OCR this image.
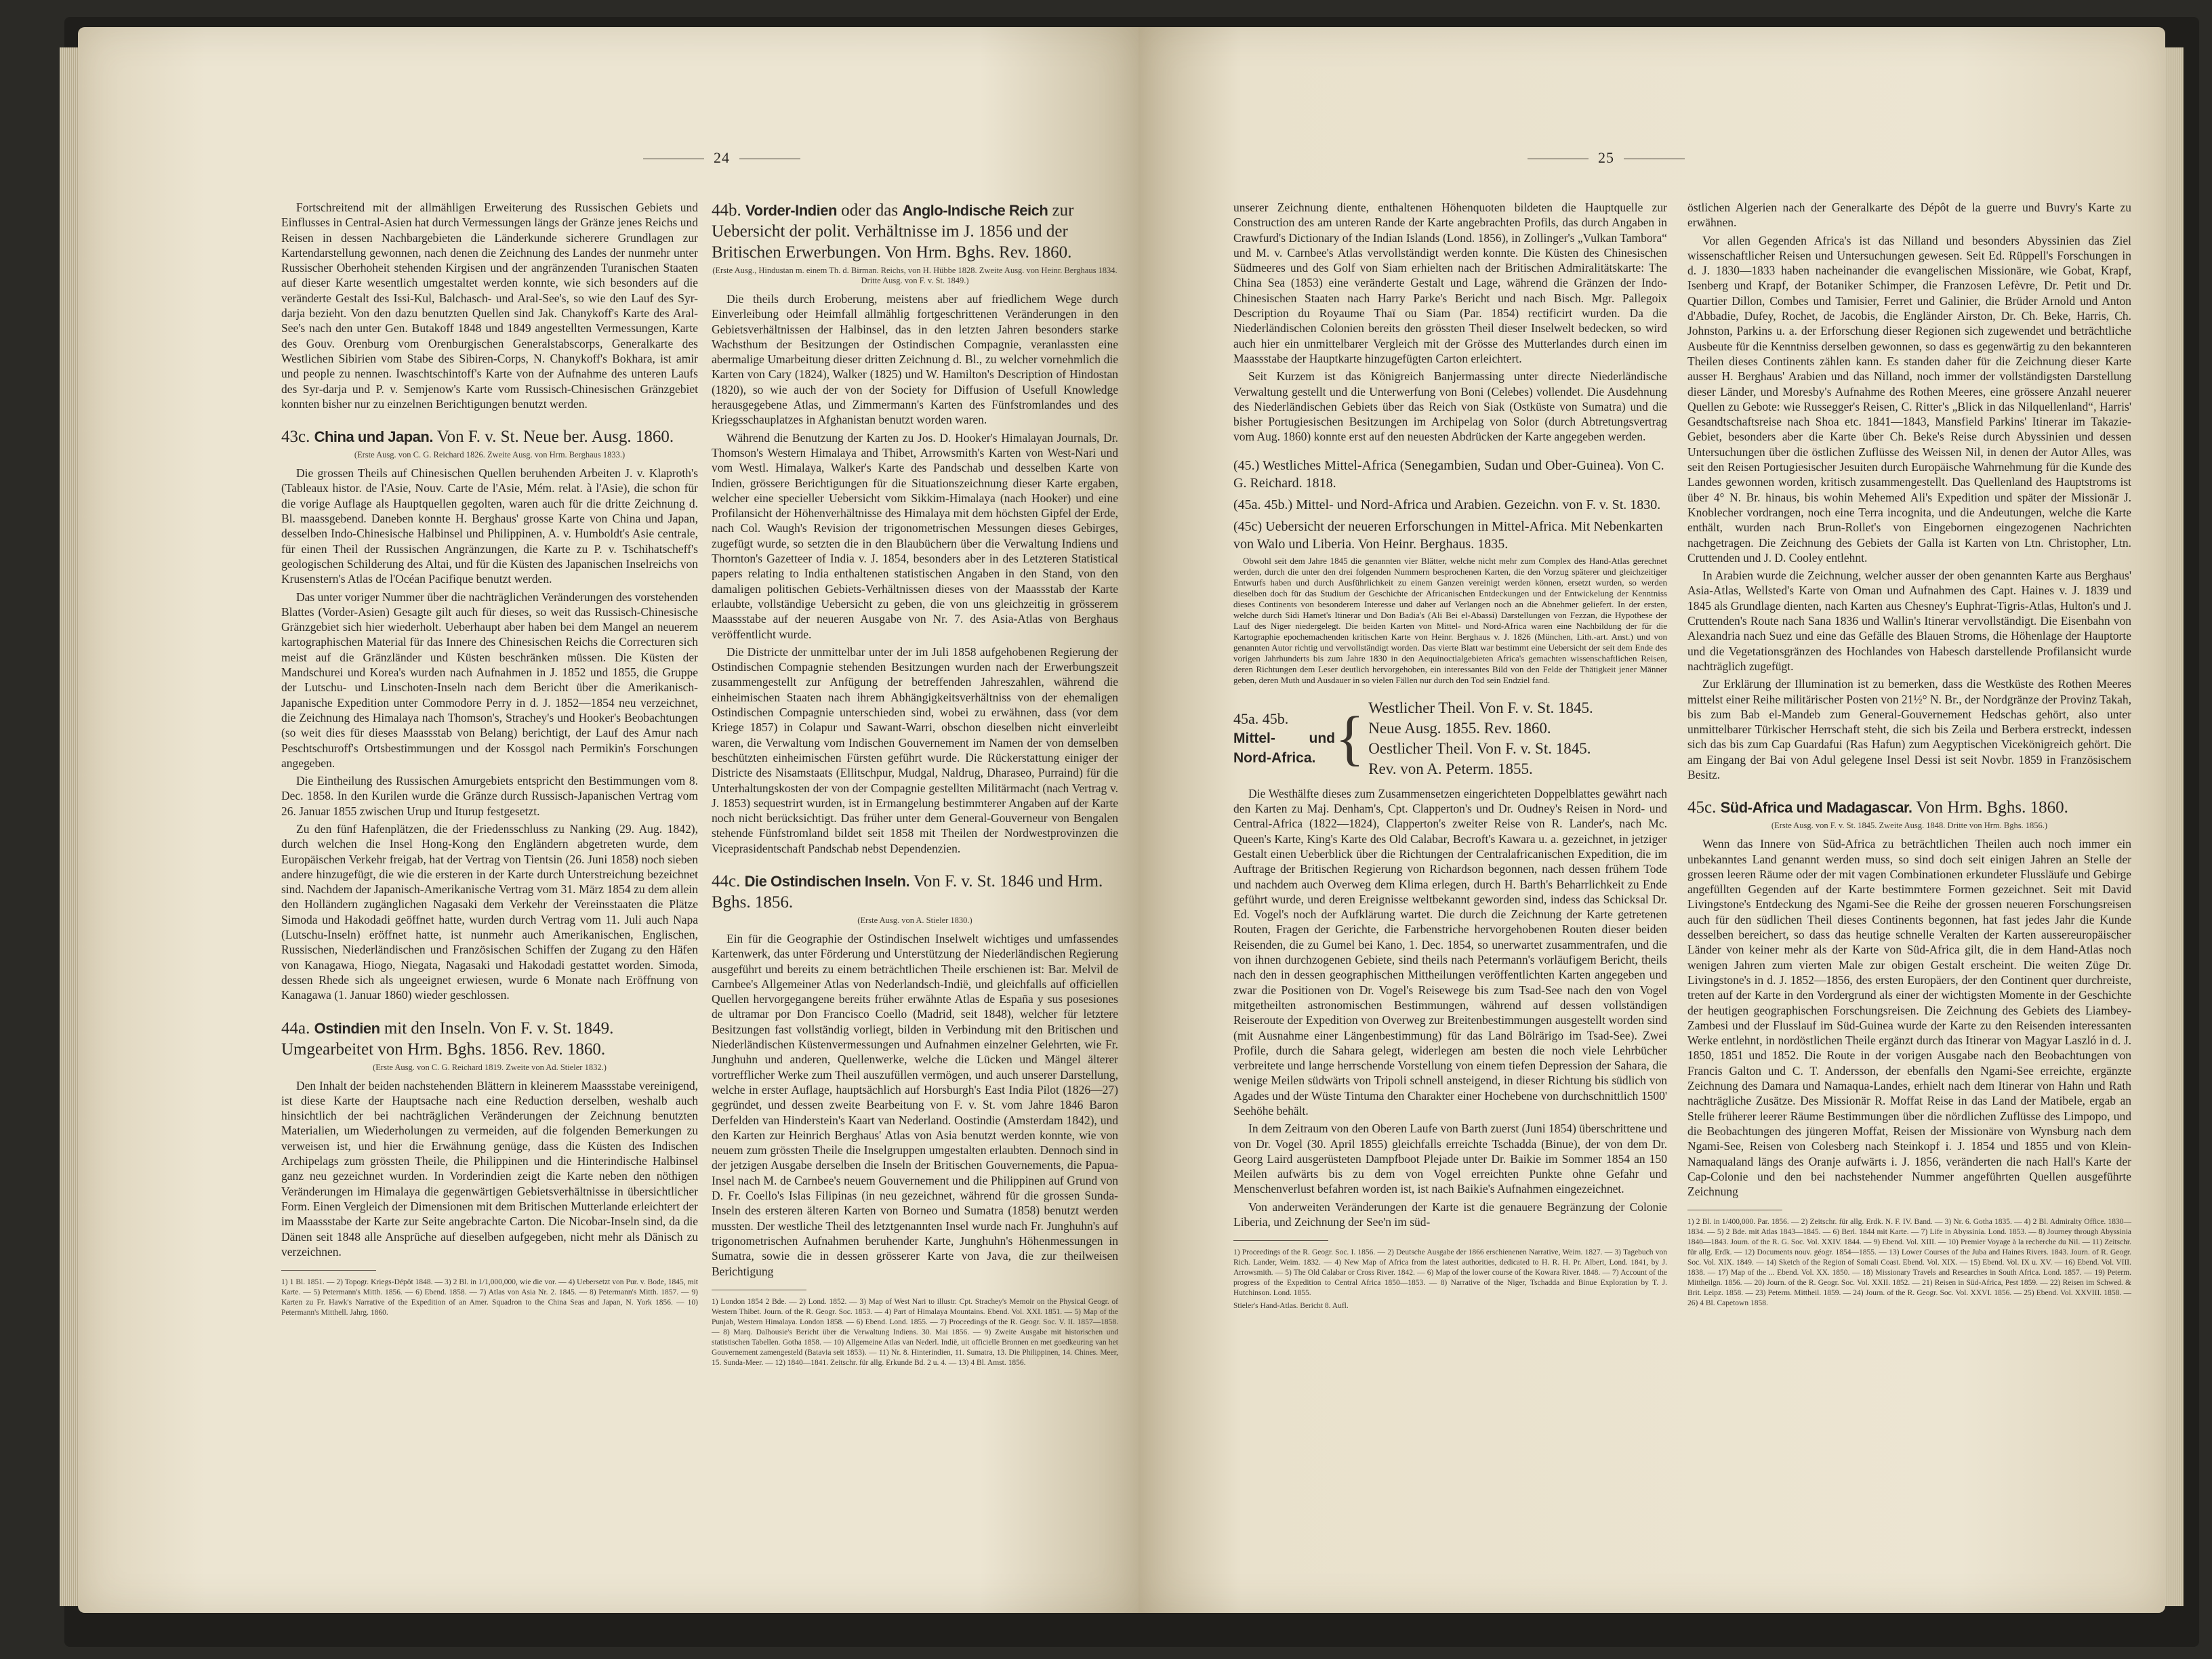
24

Fortschreitend mit der allmähligen Erweiterung des Russischen Gebiets und Einflusses in Central-Asien hat durch Vermessungen längs der Gränze jenes Reichs und Reisen in dessen Nachbargebieten die Länderkunde sicherere Grundlagen zur Kartendarstellung gewonnen, nach denen die Zeichnung des Landes der nunmehr unter Russischer Oberhoheit stehenden Kirgisen und der angränzenden Turanischen Staaten auf dieser Karte wesentlich umgestaltet werden konnte, wie sich besonders auf die veränderte Gestalt des Issi-Kul, Balchasch- und Aral-See's, so wie den Lauf des Syr-darja bezieht. Von den dazu benutzten Quellen sind Jak. Chanykoff's Karte des Aral-See's nach den unter Gen. Butakoff 1848 und 1849 angestellten Vermessungen, Karte des Gouv. Orenburg vom Orenburgischen Generalstabscorps, Generalkarte des Westlichen Sibirien vom Stabe des Sibiren-Corps, N. Chanykoff's Bokhara, ist amir und people zu nennen. Iwaschtschintoff's Karte von der Aufnahme des unteren Laufs des Syr-darja und P. v. Semjenow's Karte vom Russisch-Chinesischen Gränzgebiet konnten bisher nur zu einzelnen Berichtigungen benutzt werden.

43c. China und Japan. Von F. v. St. Neue ber. Ausg. 1860.
(Erste Ausg. von C. G. Reichard 1826. Zweite Ausg. von Hrm. Berghaus 1833.)

Die grossen Theils auf Chinesischen Quellen beruhenden Arbeiten J. v. Klaproth's (Tableaux histor. de l'Asie, Nouv. Carte de l'Asie, Mém. relat. à l'Asie), die schon für die vorige Auflage als Hauptquellen gegolten, waren auch für die dritte Zeichnung d. Bl. maassgebend. Daneben konnte H. Berghaus' grosse Karte von China und Japan, desselben Indo-Chinesische Halbinsel und Philippinen, A. v. Humboldt's Asie centrale, für einen Theil der Russischen Angränzungen, die Karte zu P. v. Tschihatscheff's geologischen Schilderung des Altai, und für die Küsten des Japanischen Inselreichs von Krusenstern's Atlas de l'Océan Pacifique benutzt werden.

Das unter voriger Nummer über die nachträglichen Veränderungen des vorstehenden Blattes (Vorder-Asien) Gesagte gilt auch für dieses, so weit das Russisch-Chinesische Gränzgebiet sich hier wiederholt. Ueberhaupt aber haben bei dem Mangel an neuerem kartographischen Material für das Innere des Chinesischen Reichs die Correcturen sich meist auf die Gränzländer und Küsten beschränken müssen. Die Küsten der Mandschurei und Korea's wurden nach Aufnahmen in J. 1852 und 1855, die Gruppe der Lutschu- und Linschoten-Inseln nach dem Bericht über die Amerikanisch-Japanische Expedition unter Commodore Perry in d. J. 1852—1854 neu verzeichnet, die Zeichnung des Himalaya nach Thomson's, Strachey's und Hooker's Beobachtungen (so weit dies für dieses Maassstab von Belang) berichtigt, der Lauf des Amur nach Peschtschuroff's Ortsbestimmungen und der Kossgol nach Permikin's Forschungen angegeben.

Die Eintheilung des Russischen Amurgebiets entspricht den Bestimmungen vom 8. Dec. 1858. In den Kurilen wurde die Gränze durch Russisch-Japanischen Vertrag vom 26. Januar 1855 zwischen Urup und Iturup festgesetzt.

Zu den fünf Hafenplätzen, die der Friedensschluss zu Nanking (29. Aug. 1842), durch welchen die Insel Hong-Kong den Engländern abgetreten wurde, dem Europäischen Verkehr freigab, hat der Vertrag von Tientsin (26. Juni 1858) noch sieben andere hinzugefügt, die wie die ersteren in der Karte durch Unterstreichung bezeichnet sind. Nachdem der Japanisch-Amerikanische Vertrag vom 31. März 1854 zu dem allein den Holländern zugänglichen Nagasaki dem Verkehr der Vereinsstaaten die Plätze Simoda und Hakodadi geöffnet hatte, wurden durch Vertrag vom 11. Juli auch Napa (Lutschu-Inseln) eröffnet hatte, ist nunmehr auch Amerikanischen, Englischen, Russischen, Niederländischen und Französischen Schiffen der Zugang zu den Häfen von Kanagawa, Hiogo, Niegata, Nagasaki und Hakodadi gestattet worden. Simoda, dessen Rhede sich als ungeeignet erwiesen, wurde 6 Monate nach Eröffnung von Kanagawa (1. Januar 1860) wieder geschlossen.

44a. Ostindien mit den Inseln. Von F. v. St. 1849. Umgearbeitet von Hrm. Bghs. 1856. Rev. 1860.
(Erste Ausg. von C. G. Reichard 1819. Zweite von Ad. Stieler 1832.)

Den Inhalt der beiden nachstehenden Blättern in kleinerem Maassstabe vereinigend, ist diese Karte der Hauptsache nach eine Reduction derselben, weshalb auch hinsichtlich der bei nachträglichen Veränderungen der Zeichnung benutzten Materialien, um Wiederholungen zu vermeiden, auf die folgenden Bemerkungen zu verweisen ist, und hier die Erwähnung genüge, dass die Küsten des Indischen Archipelags zum grössten Theile, die Philippinen und die Hinterindische Halbinsel ganz neu gezeichnet wurden. In Vorderindien zeigt die Karte neben den nöthigen Veränderungen im Himalaya die gegenwärtigen Gebietsverhältnisse in übersichtlicher Form. Einen Vergleich der Dimensionen mit dem Britischen Mutterlande erleichtert der im Maassstabe der Karte zur Seite angebrachte Carton. Die Nicobar-Inseln sind, da die Dänen seit 1848 alle Ansprüche auf dieselben aufgegeben, nicht mehr als Dänisch zu verzeichnen.

1) 1 Bl. 1851. — 2) Topogr. Kriegs-Dépôt 1848. — 3) 2 Bl. in 1/1,000,000, wie die vor. — 4) Uebersetzt von Pur. v. Bode, 1845, mit Karte. — 5) Petermann's Mitth. 1856. — 6) Ebend. 1858. — 7) Atlas von Asia Nr. 2. 1845. — 8) Petermann's Mitth. 1857. — 9) Karten zu Fr. Hawk's Narrative of the Expedition of an Amer. Squadron to the China Seas and Japan, N. York 1856. — 10) Petermann's Mitthell. Jahrg. 1860.

44b. Vorder-Indien oder das Anglo-Indische Reich zur Uebersicht der polit. Verhältnisse im J. 1856 und der Britischen Erwerbungen. Von Hrm. Bghs. Rev. 1860.
(Erste Ausg., Hindustan m. einem Th. d. Birman. Reichs, von H. Hübbe 1828. Zweite Ausg. von Heinr. Berghaus 1834. Dritte Ausg. von F. v. St. 1849.)

Die theils durch Eroberung, meistens aber auf friedlichem Wege durch Einverleibung oder Heimfall allmählig fortgeschrittenen Veränderungen in den Gebietsverhältnissen der Halbinsel, das in den letzten Jahren besonders starke Wachsthum der Besitzungen der Ostindischen Compagnie, veranlassten eine abermalige Umarbeitung dieser dritten Zeichnung d. Bl., zu welcher vornehmlich die Karten von Cary (1824), Walker (1825) und W. Hamilton's Description of Hindostan (1820), so wie auch der von der Society for Diffusion of Usefull Knowledge herausgegebene Atlas, und Zimmermann's Karten des Fünfstromlandes und des Kriegsschauplatzes in Afghanistan benutzt worden waren.

Während die Benutzung der Karten zu Jos. D. Hooker's Himalayan Journals, Dr. Thomson's Western Himalaya and Thibet, Arrowsmith's Karten von West-Nari und vom Westl. Himalaya, Walker's Karte des Pandschab und desselben Karte von Indien, grössere Berichtigungen für die Situationszeichnung dieser Karte ergaben, welcher eine specieller Uebersicht vom Sikkim-Himalaya (nach Hooker) und eine Profilansicht der Höhenverhältnisse des Himalaya mit dem höchsten Gipfel der Erde, nach Col. Waugh's Revision der trigonometrischen Messungen dieses Gebirges, zugefügt wurde, so setzten die in den Blaubüchern über die Verwaltung Indiens und Thornton's Gazetteer of India v. J. 1854, besonders aber in des Letzteren Statistical papers relating to India enthaltenen statistischen Angaben in den Stand, von den damaligen politischen Gebiets-Verhältnissen dieses von der Maassstab der Karte erlaubte, vollständige Uebersicht zu geben, die von uns gleichzeitig in grösserem Maassstabe auf der neueren Ausgabe von Nr. 7. des Asia-Atlas von Berghaus veröffentlicht wurde.

Die Districte der unmittelbar unter der im Juli 1858 aufgehobenen Regierung der Ostindischen Compagnie stehenden Besitzungen wurden nach der Erwerbungszeit zusammengestellt zur Anfügung der betreffenden Jahreszahlen, während die einheimischen Staaten nach ihrem Abhängigkeitsverhältniss von der ehemaligen Ostindischen Compagnie unterschieden sind, wobei zu erwähnen, dass (vor dem Kriege 1857) in Colapur und Sawant-Warri, obschon dieselben nicht einverleibt waren, die Verwaltung vom Indischen Gouvernement im Namen der von demselben beschützten einheimischen Fürsten geführt wurde. Die Rückerstattung einiger der Districte des Nisamstaats (Ellitschpur, Mudgal, Naldrug, Dharaseo, Purraind) für die Unterhaltungskosten der von der Compagnie gestellten Militärmacht (nach Vertrag v. J. 1853) sequestrirt wurden, ist in Ermangelung bestimmterer Angaben auf der Karte noch nicht berücksichtigt. Das früher unter dem General-Gouverneur von Bengalen stehende Fünfstromland bildet seit 1858 mit Theilen der Nordwestprovinzen die Viceprasidentschaft Pandschab nebst Dependenzien.

44c. Die Ostindischen Inseln. Von F. v. St. 1846 und Hrm. Bghs. 1856.
(Erste Ausg. von A. Stieler 1830.)

Ein für die Geographie der Ostindischen Inselwelt wichtiges und umfassendes Kartenwerk, das unter Förderung und Unterstützung der Niederländischen Regierung ausgeführt und bereits zu einem beträchtlichen Theile erschienen ist: Bar. Melvil de Carnbee's Allgemeiner Atlas von Nederlandsch-Indië, und gleichfalls auf officiellen Quellen hervorgegangene bereits früher erwähnte Atlas de España y sus posesiones de ultramar por Don Francisco Coello (Madrid, seit 1848), welcher für letztere Besitzungen fast vollständig vorliegt, bilden in Verbindung mit den Britischen und Niederländischen Küstenvermessungen und Aufnahmen einzelner Gelehrten, wie Fr. Junghuhn und anderen, Quellenwerke, welche die Lücken und Mängel älterer vortrefflicher Werke zum Theil auszufüllen vermögen, und auch unserer Darstellung, welche in erster Auflage, hauptsächlich auf Horsburgh's East India Pilot (1826—27) gegründet, und dessen zweite Bearbeitung von F. v. St. vom Jahre 1846 Baron Derfelden van Hinderstein's Kaart van Nederland. Oostindie (Amsterdam 1842), und den Karten zur Heinrich Berghaus' Atlas von Asia benutzt werden konnte, wie von neuem zum grössten Theile die Inselgruppen umgestalten erlaubten. Dennoch sind in der jetzigen Ausgabe derselben die Inseln der Britischen Gouvernements, die Papua-Insel nach M. de Carnbee's neuem Gouvernement und die Philippinen auf Grund von D. Fr. Coello's Islas Filipinas (in neu gezeichnet, während für die grossen Sunda-Inseln des ersteren älteren Karten von Borneo und Sumatra (1858) benutzt werden mussten. Der westliche Theil des letztgenannten Insel wurde nach Fr. Junghuhn's auf trigonometrischen Aufnahmen beruhender Karte, Junghuhn's Höhenmessungen in Sumatra, sowie die in dessen grösserer Karte von Java, die zur theilweisen Berichtigung

1) London 1854 2 Bde. — 2) Lond. 1852. — 3) Map of West Nari to illustr. Cpt. Strachey's Memoir on the Physical Geogr. of Western Thibet. Journ. of the R. Geogr. Soc. 1853. — 4) Part of Himalaya Mountains. Ebend. Vol. XXI. 1851. — 5) Map of the Punjab, Western Himalaya. London 1858. — 6) Ebend. Lond. 1855. — 7) Proceedings of the R. Geogr. Soc. V. II. 1857—1858. — 8) Marq. Dalhousie's Bericht über die Verwaltung Indiens. 30. Mai 1856. — 9) Zweite Ausgabe mit historischen und statistischen Tabellen. Gotha 1858. — 10) Allgemeine Atlas van Nederl. Indië, uit officielle Bronnen en met goedkeuring van het Gouvernement zamengesteld (Batavia seit 1853). — 11) Nr. 8. Hinterindien, 11. Sumatra, 13. Die Philippinen, 14. Chines. Meer, 15. Sunda-Meer. — 12) 1840—1841. Zeitschr. für allg. Erkunde Bd. 2 u. 4. — 13) 4 Bl. Amst. 1856.

25

unserer Zeichnung diente, enthaltenen Höhenquoten bildeten die Hauptquelle zur Construction des am unteren Rande der Karte angebrachten Profils, das durch Angaben in Crawfurd's Dictionary of the Indian Islands (Lond. 1856), in Zollinger's „Vulkan Tambora“ und M. v. Carnbee's Atlas vervollständigt werden konnte. Die Küsten des Chinesischen Südmeeres und des Golf von Siam erhielten nach der Britischen Admiralitätskarte: The China Sea (1853) eine veränderte Gestalt und Lage, während die Gränzen der Indo-Chinesischen Staaten nach Harry Parke's Bericht und nach Bisch. Mgr. Pallegoix Description du Royaume Thaï ou Siam (Par. 1854) rectificirt wurden. Da die Niederländischen Colonien bereits den grössten Theil dieser Inselwelt bedecken, so wird auch hier ein unmittelbarer Vergleich mit der Grösse des Mutterlandes durch einen im Maassstabe der Hauptkarte hinzugefügten Carton erleichtert.

Seit Kurzem ist das Königreich Banjermassing unter directe Niederländische Verwaltung gestellt und die Unterwerfung von Boni (Celebes) vollendet. Die Ausdehnung des Niederländischen Gebiets über das Reich von Siak (Ostküste von Sumatra) und die bisher Portugiesischen Besitzungen im Archipelag von Solor (durch Abtretungsvertrag vom Aug. 1860) konnte erst auf den neuesten Abdrücken der Karte angegeben werden.

(45.) Westliches Mittel-Africa (Senegambien, Sudan und Ober-Guinea). Von C. G. Reichard. 1818.
(45a. 45b.) Mittel- und Nord-Africa und Arabien. Gezeichn. von F. v. St. 1830.
(45c) Uebersicht der neueren Erforschungen in Mittel-Africa. Mit Nebenkarten von Walo und Liberia. Von Heinr. Berghaus. 1835.

Obwohl seit dem Jahre 1845 die genannten vier Blätter, welche nicht mehr zum Complex des Hand-Atlas gerechnet werden, durch die unter den drei folgenden Nummern besprochenen Karten, die den Vorzug späterer und gleichzeitiger Entwurfs haben und durch Ausführlichkeit zu einem Ganzen vereinigt werden können, ersetzt wurden, so werden dieselben doch für das Studium der Geschichte der Africanischen Entdeckungen und der Entwickelung der Kenntniss dieses Continents von besonderem Interesse und daher auf Verlangen noch an die Abnehmer geliefert. In der ersten, welche durch Sidi Hamet's Itinerar und Don Badia's (Ali Bei el-Abassi) Darstellungen von Fezzan, die Hypothese der Lauf des Niger niedergelegt. Die beiden Karten von Mittel- und Nord-Africa waren eine Nachbildung der für die Kartographie epochemachenden kritischen Karte von Heinr. Berghaus v. J. 1826 (München, Lith.-art. Anst.) und von genannten Autor richtig und vervollständigt worden. Das vierte Blatt war bestimmt eine Uebersicht der seit dem Ende des vorigen Jahrhunderts bis zum Jahre 1830 in den Aequinoctialgebieten Africa's gemachten wissenschaftlichen Reisen, deren Richtungen dem Leser deutlich hervorgehoben, ein interessantes Bild von den Felde der Thätigkeit jener Männer geben, deren Muth und Ausdauer in so vielen Fällen nur durch den Tod sein Endziel fand.

45a. 45b.
Mittel- und Nord-Africa. { Westlicher Theil. Von F. v. St. 1845.
Neue Ausg. 1855. Rev. 1860.
Oestlicher Theil. Von F. v. St. 1845.
Rev. von A. Peterm. 1855.

Die Westhälfte dieses zum Zusammensetzen eingerichteten Doppelblattes gewährt nach den Karten zu Maj. Denham's, Cpt. Clapperton's und Dr. Oudney's Reisen in Nord- und Central-Africa (1822—1824), Clapperton's zweiter Reise von R. Lander's, nach Mc. Queen's Karte, King's Karte des Old Calabar, Becroft's Kawara u. a. gezeichnet, in jetziger Gestalt einen Ueberblick über die Richtungen der Centralafricanischen Expedition, die im Auftrage der Britischen Regierung von Richardson begonnen, nach dessen frühem Tode und nachdem auch Overweg dem Klima erlegen, durch H. Barth's Beharrlichkeit zu Ende geführt wurde, und deren Ereignisse weltbekannt geworden sind, indess das Schicksal Dr. Ed. Vogel's noch der Aufklärung wartet. Die durch die Zeichnung der Karte getretenen Routen, Fragen der Gerichte, die Farbenstriche hervorgehobenen Routen dieser beiden Reisenden, die zu Gumel bei Kano, 1. Dec. 1854, so unerwartet zusammentrafen, und die von ihnen durchzogenen Gebiete, sind theils nach Petermann's vorläufigem Bericht, theils nach den in dessen geographischen Mittheilungen veröffentlichten Karten angegeben und zwar die Positionen von Dr. Vogel's Reisewege bis zum Tsad-See nach den von Vogel mitgetheilten astronomischen Bestimmungen, während auf dessen vollständigen Reiseroute der Expedition von Overweg zur Breitenbestimmungen ausgestellt worden sind (mit Ausnahme einer Längenbestimmung) für das Land Bölrärigo im Tsad-See). Zwei Profile, durch die Sahara gelegt, widerlegen am besten die noch viele Lehrbücher verbreitete und lange herrschende Vorstellung von einem tiefen Depression der Sahara, die wenige Meilen südwärts von Tripoli schnell ansteigend, in dieser Richtung bis südlich von Agades und der Wüste Tintuma den Charakter einer Hochebene von durchschnittlich 1500' Seehöhe behält.

In dem Zeitraum von den Oberen Laufe von Barth zuerst (Juni 1854) überschrittene und von Dr. Vogel (30. April 1855) gleichfalls erreichte Tschadda (Binue), der von dem Dr. Georg Laird ausgerüsteten Dampfboot Plejade unter Dr. Baikie im Sommer 1854 an 150 Meilen aufwärts bis zu dem von Vogel erreichten Punkte ohne Gefahr und Menschenverlust befahren worden ist, ist nach Baikie's Aufnahmen eingezeichnet.

Von anderweiten Veränderungen der Karte ist die genauere Begränzung der Colonie Liberia, und Zeichnung der See'n im süd-

1) Proceedings of the R. Geogr. Soc. I. 1856. — 2) Deutsche Ausgabe der 1866 erschienenen Narrative, Weim. 1827. — 3) Tagebuch von Rich. Lander, Weim. 1832. — 4) New Map of Africa from the latest authorities, dedicated to H. R. H. Pr. Albert, Lond. 1841, by J. Arrowsmith. — 5) The Old Calabar or Cross River. 1842. — 6) Map of the lower course of the Kowara River. 1848. — 7) Account of the progress of the Expedition to Central Africa 1850—1853. — 8) Narrative of the Niger, Tschadda and Binue Exploration by T. J. Hutchinson. Lond. 1855.

Stieler's Hand-Atlas. Bericht 8. Aufl.

östlichen Algerien nach der Generalkarte des Dépôt de la guerre und Buvry's Karte zu erwähnen.

Vor allen Gegenden Africa's ist das Nilland und besonders Abyssinien das Ziel wissenschaftlicher Reisen und Untersuchungen gewesen. Seit Ed. Rüppell's Forschungen in d. J. 1830—1833 haben nacheinander die evangelischen Missionäre, wie Gobat, Krapf, Isenberg und Krapf, der Botaniker Schimper, die Franzosen Lefèvre, Dr. Petit und Dr. Quartier Dillon, Combes und Tamisier, Ferret und Galinier, die Brüder Arnold und Anton d'Abbadie, Dufey, Rochet, de Jacobis, die Engländer Airston, Dr. Ch. Beke, Harris, Ch. Johnston, Parkins u. a. der Erforschung dieser Regionen sich zugewendet und beträchtliche Ausbeute für die Kenntniss derselben gewonnen, so dass es gegenwärtig zu den bekannteren Theilen dieses Continents zählen kann. Es standen daher für die Zeichnung dieser Karte ausser H. Berghaus' Arabien und das Nilland, noch immer der vollständigsten Darstellung dieser Länder, und Moresby's Aufnahme des Rothen Meeres, eine grössere Anzahl neuerer Quellen zu Gebote: wie Russegger's Reisen, C. Ritter's „Blick in das Nilquellenland“, Harris' Gesandtschaftsreise nach Shoa etc. 1841—1843, Mansfield Parkins' Itinerar im Takazie-Gebiet, besonders aber die Karte über Ch. Beke's Reise durch Abyssinien und dessen Untersuchungen über die östlichen Zuflüsse des Weissen Nil, in denen der Autor Alles, was seit den Reisen Portugiesischer Jesuiten durch Europäische Wahrnehmung für die Kunde des Landes gewonnen worden, kritisch zusammengestellt. Das Quellenland des Hauptstroms ist über 4° N. Br. hinaus, bis wohin Mehemed Ali's Expedition und später der Missionär J. Knoblecher vordrangen, noch eine Terra incognita, und die Andeutungen, welche die Karte enthält, wurden nach Brun-Rollet's von Eingebornen eingezogenen Nachrichten nachgetragen. Die Zeichnung des Gebiets der Galla ist Karten von Ltn. Christopher, Ltn. Cruttenden und J. D. Cooley entlehnt.

In Arabien wurde die Zeichnung, welcher ausser der oben genannten Karte aus Berghaus' Asia-Atlas, Wellsted's Karte von Oman und Aufnahmen des Capt. Haines v. J. 1839 und 1845 als Grundlage dienten, nach Karten aus Chesney's Euphrat-Tigris-Atlas, Hulton's und J. Cruttenden's Route nach Sana 1836 und Wallin's Itinerar vervollständigt. Die Eisenbahn von Alexandria nach Suez und eine das Gefälle des Blauen Stroms, die Höhenlage der Hauptorte und die Vegetationsgränzen des Hochlandes von Habesch darstellende Profilansicht wurde nachträglich zugefügt.

Zur Erklärung der Illumination ist zu bemerken, dass die Westküste des Rothen Meeres mittelst einer Reihe militärischer Posten von 21½° N. Br., der Nordgränze der Provinz Takah, bis zum Bab el-Mandeb zum General-Gouvernement Hedschas gehört, also unter unmittelbarer Türkischer Herrschaft steht, die sich bis Zeila und Berbera erstreckt, indessen sich das bis zum Cap Guardafui (Ras Hafun) zum Aegyptischen Vicekönigreich gehört. Die am Eingang der Bai von Adul gelegene Insel Dessi ist seit Novbr. 1859 in Französischem Besitz.

45c. Süd-Africa und Madagascar. Von Hrm. Bghs. 1860.
(Erste Ausg. von F. v. St. 1845. Zweite Ausg. 1848. Dritte von Hrm. Bghs. 1856.)

Wenn das Innere von Süd-Africa zu beträchtlichen Theilen auch noch immer ein unbekanntes Land genannt werden muss, so sind doch seit einigen Jahren an Stelle der grossen leeren Räume oder der mit vagen Combinationen erkundeter Flussläufe und Gebirge angefüllten Gegenden auf der Karte bestimmtere Formen gezeichnet. Seit mit David Livingstone's Entdeckung des Ngami-See die Reihe der grossen neueren Forschungsreisen auch für den südlichen Theil dieses Continents begonnen, hat fast jedes Jahr die Kunde desselben bereichert, so dass das heutige schnelle Veralten der Karten aussereuropäischer Länder von keiner mehr als der Karte von Süd-Africa gilt, die in dem Hand-Atlas noch wenigen Jahren zum vierten Male zur obigen Gestalt erscheint. Die weiten Züge Dr. Livingstone's in d. J. 1852—1856, des ersten Europäers, der den Continent quer durchreiste, treten auf der Karte in den Vordergrund als einer der wichtigsten Momente in der Geschichte der heutigen geographischen Forschungsreisen. Die Zeichnung des Gebiets des Liambey-Zambesi und der Flusslauf im Süd-Guinea wurde der Karte zu den Reisenden interessanten Werke entlehnt, in nordöstlichen Theile ergänzt durch das Itinerar von Magyar Laszló in d. J. 1850, 1851 und 1852. Die Route in der vorigen Ausgabe nach den Beobachtungen von Francis Galton und C. T. Andersson, der ebenfalls den Ngami-See erreichte, ergänzte Zeichnung des Damara und Namaqua-Landes, erhielt nach dem Itinerar von Hahn und Rath nachträgliche Zusätze. Des Missionär R. Moffat Reise in das Land der Matibele, ergab an Stelle früherer leerer Räume Bestimmungen über die nördlichen Zuflüsse des Limpopo, und die Beobachtungen des jüngeren Moffat, Reisen der Missionäre von Wynsburg nach dem Ngami-See, Reisen von Colesberg nach Steinkopf i. J. 1854 und 1855 und von Klein-Namaqualand längs des Oranje aufwärts i. J. 1856, veränderten die nach Hall's Karte der Cap-Colonie und den bei nachstehender Nummer angeführten Quellen ausgeführte Zeichnung

1) 2 Bl. in 1/400,000. Par. 1856. — 2) Zeitschr. für allg. Erdk. N. F. IV. Band. — 3) Nr. 6. Gotha 1835. — 4) 2 Bl. Admiralty Office. 1830—1834. — 5) 2 Bde. mit Atlas 1843—1845. — 6) Berl. 1844 mit Karte. — 7) Life in Abyssinia. Lond. 1853. — 8) Journey through Abyssinia 1840—1843. Journ. of the R. G. Soc. Vol. XXIV. 1844. — 9) Ebend. Vol. XIII. — 10) Premier Voyage à la recherche du Nil. — 11) Zeitschr. für allg. Erdk. — 12) Documents nouv. géogr. 1854—1855. — 13) Lower Courses of the Juba and Haines Rivers. 1843. Journ. of R. Geogr. Soc. Vol. XIX. 1849. — 14) Sketch of the Region of Somali Coast. Ebend. Vol. XIX. — 15) Ebend. Vol. IX u. XV. — 16) Ebend. Vol. VIII. 1838. — 17) Map of the ... Ebend. Vol. XX. 1850. — 18) Missionary Travels and Researches in South Africa. Lond. 1857. — 19) Peterm. Mittheilgn. 1856. — 20) Journ. of the R. Geogr. Soc. Vol. XXII. 1852. — 21) Reisen in Süd-Africa, Pest 1859. — 22) Reisen im Schwed. & Brit. Leipz. 1858. — 23) Peterm. Mittheil. 1859. — 24) Journ. of the R. Geogr. Soc. Vol. XXVI. 1856. — 25) Ebend. Vol. XXVIII. 1858. — 26) 4 Bl. Capetown 1858.
